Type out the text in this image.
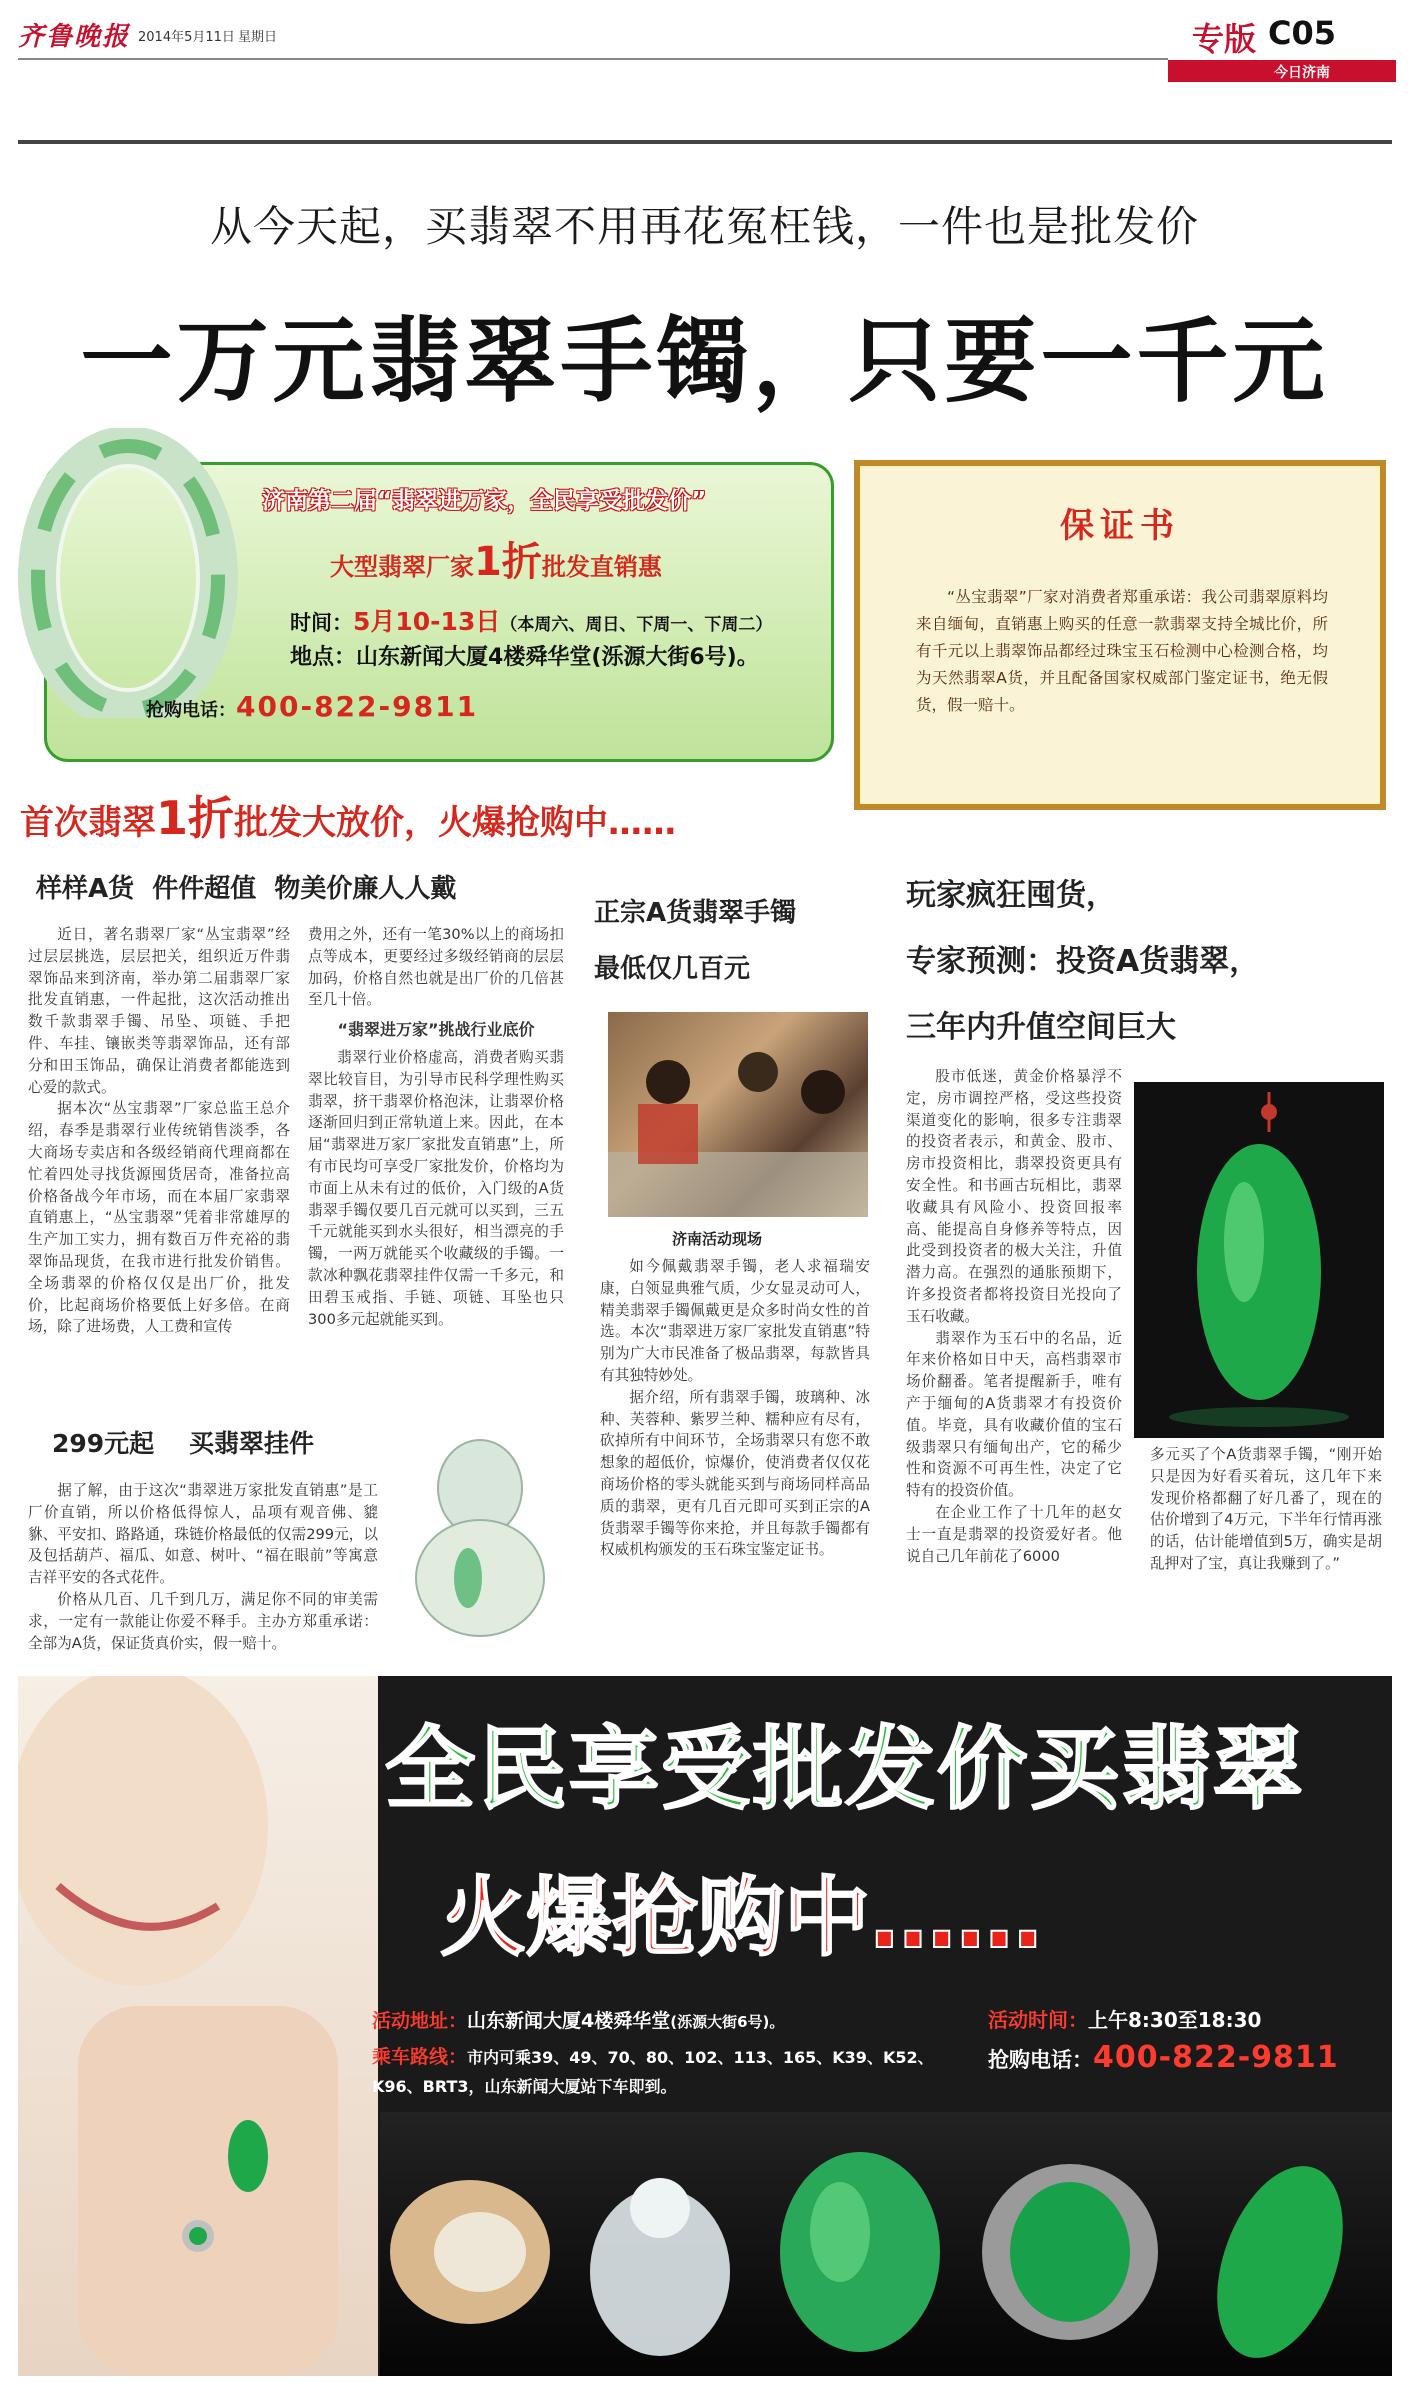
齐鲁晚报 2014年5月11日 星期日	专版 C05
今日济南
从今天起，买翡翠不用再花冤枉钱，一件也是批发价
一万元翡翠手镯，只要一千元
济南第二届“翡翠进万家，全民享受批发价”
大型翡翠厂家1折批发直销惠
时间：5月10-13日（本周六、周日、下周一、下周二）
地点：山东新闻大厦4楼舜华堂(泺源大街6号)。
抢购电话：400-822-9811
保证书
“丛宝翡翠”厂家对消费者郑重承诺：我公司翡翠原料均来自缅甸，直销惠上购买的任意一款翡翠支持全城比价，所有千元以上翡翠饰品都经过珠宝玉石检测中心检测合格，均为天然翡翠A货，并且配备国家权威部门鉴定证书，绝无假货，假一赔十。
首次翡翠1折批发大放价，火爆抢购中……
样样A货  件件超值  物美价廉人人戴

近日，著名翡翠厂家“丛宝翡翠”经过层层挑选，层层把关，组织近万件翡翠饰品来到济南，举办第二届翡翠厂家批发直销惠，一件起批，这次活动推出数千款翡翠手镯、吊坠、项链、手把件、车挂、镶嵌类等翡翠饰品，还有部分和田玉饰品，确保让消费者都能选到心爱的款式。

据本次“丛宝翡翠”厂家总监王总介绍，春季是翡翠行业传统销售淡季，各大商场专卖店和各级经销商代理商都在忙着四处寻找货源囤货居奇，准备拉高价格备战今年市场，而在本届厂家翡翠直销惠上，“丛宝翡翠”凭着非常雄厚的生产加工实力，拥有数百万件充裕的翡翠饰品现货，在我市进行批发价销售。全场翡翠的价格仅仅是出厂价，批发价，比起商场价格要低上好多倍。在商场，除了进场费，人工费和宣传

费用之外，还有一笔30%以上的商场扣点等成本，更要经过多级经销商的层层加码，价格自然也就是出厂价的几倍甚至几十倍。

“翡翠进万家”挑战行业底价

翡翠行业价格虚高，消费者购买翡翠比较盲目，为引导市民科学理性购买翡翠，挤干翡翠价格泡沫，让翡翠价格逐渐回归到正常轨道上来。因此，在本届“翡翠进万家厂家批发直销惠”上，所有市民均可享受厂家批发价，价格均为市面上从未有过的低价，入门级的A货翡翠手镯仅要几百元就可以买到，三五千元就能买到水头很好，相当漂亮的手镯，一两万就能买个收藏级的手镯。一款冰种飘花翡翠挂件仅需一千多元，和田碧玉戒指、手链、项链、耳坠也只300多元起就能买到。

正宗A货翡翠手镯
最低仅几百元
济南活动现场

如今佩戴翡翠手镯，老人求福瑞安康，白领显典雅气质，少女显灵动可人，精美翡翠手镯佩戴更是众多时尚女性的首选。本次“翡翠进万家厂家批发直销惠”特别为广大市民准备了极品翡翠，每款皆具有其独特妙处。

据介绍，所有翡翠手镯，玻璃种、冰种、芙蓉种、紫罗兰种、糯种应有尽有，砍掉所有中间环节，全场翡翠只有您不敢想象的超低价，惊爆价，使消费者仅仅花商场价格的零头就能买到与商场同样高品质的翡翠，更有几百元即可买到正宗的A货翡翠手镯等你来抢，并且每款手镯都有权威机构颁发的玉石珠宝鉴定证书。

玩家疯狂囤货，
专家预测：投资A货翡翠，
三年内升值空间巨大

股市低迷，黄金价格暴浮不定，房市调控严格，受这些投资渠道变化的影响，很多专注翡翠的投资者表示，和黄金、股市、房市投资相比，翡翠投资更具有安全性。和书画古玩相比，翡翠收藏具有风险小、投资回报率高、能提高自身修养等特点，因此受到投资者的极大关注，升值潜力高。在强烈的通胀预期下，许多投资者都将投资目光投向了玉石收藏。

翡翠作为玉石中的名品，近年来价格如日中天，高档翡翠市场价翻番。笔者提醒新手，唯有产于缅甸的A货翡翠才有投资价值。毕竟，具有收藏价值的宝石级翡翠只有缅甸出产，它的稀少性和资源不可再生性，决定了它特有的投资价值。

在企业工作了十几年的赵女士一直是翡翠的投资爱好者。他说自己几年前花了6000

多元买了个A货翡翠手镯，“刚开始只是因为好看买着玩，这几年下来发现价格都翻了好几番了，现在的估价增到了4万元，下半年行情再涨的话，估计能增值到5万，确实是胡乱押对了宝，真让我赚到了。”

299元起    买翡翠挂件

据了解，由于这次“翡翠进万家批发直销惠”是工厂价直销，所以价格低得惊人，品项有观音佛、貔貅、平安扣、路路通，珠链价格最低的仅需299元，以及包括葫芦、福瓜、如意、树叶、“福在眼前”等寓意吉祥平安的各式花件。

价格从几百、几千到几万，满足你不同的审美需求，一定有一款能让你爱不释手。主办方郑重承诺：全部为A货，保证货真价实，假一赔十。

全民享受批发价买翡翠
火爆抢购中……
活动地址：山东新闻大厦4楼舜华堂(泺源大街6号)。	活动时间：上午8:30至18:30
乘车路线：市内可乘39、49、70、80、102、113、165、K39、K52、
K96、BRT3，山东新闻大厦站下车即到。
抢购电话：400-822-9811
